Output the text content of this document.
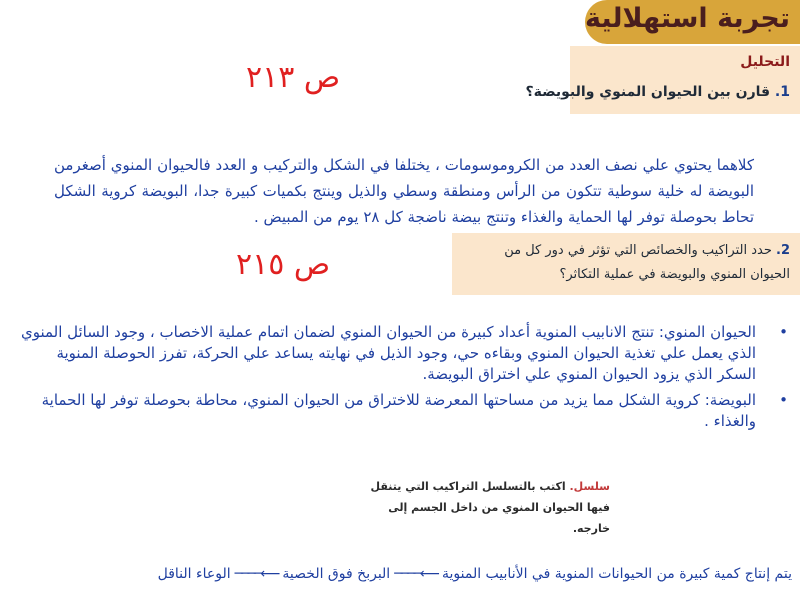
تجربة استهلالية
التحليل
1. قارن بين الحيوان المنوي والبويضة؟
ص ٢١٣
كلاهما يحتوي علي نصف العدد من الكروموسومات ، يختلفا في الشكل والتركيب و العدد فالحيوان المنوي أصغرمن البويضة له خلية سوطية تتكون من الرأس ومنطقة وسطي والذيل وينتج بكميات كبيرة جدا، البويضة كروية الشكل تحاط بحوصلة توفر لها الحماية والغذاء وتنتج بيضة ناضجة كل ٢٨ يوم من المبيض .
2. حدد التراكيب والخصائص التي تؤثر في دور كل من
الحيوان المنوي والبويضة في عملية التكاثر؟
ص ٢١٥
•
الحيوان المنوي: تنتج الانابيب المنوية أعداد كبيرة من الحيوان المنوي لضمان اتمام عملية الاخصاب ، وجود السائل المنوي الذي يعمل علي تغذية الحيوان المنوي وبقاءه حي، وجود الذيل في نهايته يساعد علي الحركة، تفرز الحوصلة المنوية السكر الذي يزود الحيوان المنوي علي اختراق البويضة.
•
البويضة: كروية الشكل مما يزيد من مساحتها المعرضة للاختراق من الحيوان المنوي، محاطة بحوصلة توفر لها الحماية والغذاء .
سلسل. اكتب بالتسلسل التراكيب التي يتنقل فيها الحيوان المنوي من داخل الجسم إلى خارجه.
يتم إنتاج كمية كبيرة من الحيوانات المنوية في الأنابيب المنوية
⟵────
البربخ فوق الخصية
⟵────
الوعاء الناقل
